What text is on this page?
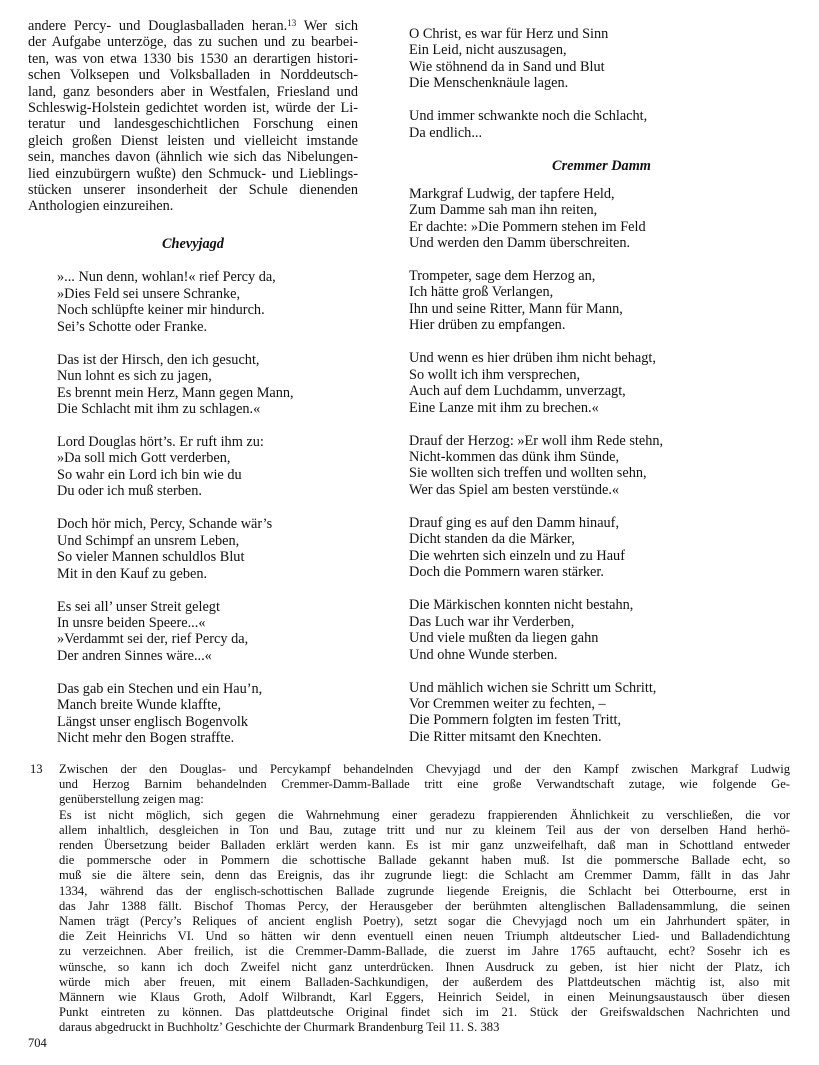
andere Percy- und Douglasballaden heran.$^{13}$ Wer sich
der Aufgabe unterzöge, das zu suchen und zu bearbei-
ten, was von etwa 1330 bis 1530 an derartigen histori-
schen Volksepen und Volksballaden in Norddeutsch-
land, ganz besonders aber in Westfalen, Friesland und
Schleswig-Holstein gedichtet worden ist, würde der Li-
teratur und landesgeschichtlichen Forschung einen
gleich großen Dienst leisten und vielleicht imstande
sein, manches davon (ähnlich wie sich das Nibelungen-
lied einzubürgern wußte) den Schmuck- und Lieblings-
stücken unserer insonderheit der Schule dienenden
Anthologien einzureihen.
Chevyjagd
»... Nun denn, wohlan!« rief Percy da,
»Dies Feld sei unsere Schranke,
Noch schlüpfte keiner mir hindurch.
Sei’s Schotte oder Franke.
Das ist der Hirsch, den ich gesucht,
Nun lohnt es sich zu jagen,
Es brennt mein Herz, Mann gegen Mann,
Die Schlacht mit ihm zu schlagen.«
Lord Douglas hört’s. Er ruft ihm zu:
»Da soll mich Gott verderben,
So wahr ein Lord ich bin wie du
Du oder ich muß sterben.
Doch hör mich, Percy, Schande wär’s
Und Schimpf an unsrem Leben,
So vieler Mannen schuldlos Blut
Mit in den Kauf zu geben.
Es sei all’ unser Streit gelegt
In unsre beiden Speere...«
»Verdammt sei der, rief Percy da,
Der andren Sinnes wäre...«
Das gab ein Stechen und ein Hau’n,
Manch breite Wunde klaffte,
Längst unser englisch Bogenvolk
Nicht mehr den Bogen straffte.
O Christ, es war für Herz und Sinn
Ein Leid, nicht auszusagen,
Wie stöhnend da in Sand und Blut
Die Menschenknäule lagen.
Und immer schwankte noch die Schlacht,
Da endlich...
Cremmer Damm
Markgraf Ludwig, der tapfere Held,
Zum Damme sah man ihn reiten,
Er dachte: »Die Pommern stehen im Feld
Und werden den Damm überschreiten.
Trompeter, sage dem Herzog an,
Ich hätte groß Verlangen,
Ihn und seine Ritter, Mann für Mann,
Hier drüben zu empfangen.
Und wenn es hier drüben ihm nicht behagt,
So wollt ich ihm versprechen,
Auch auf dem Luchdamm, unverzagt,
Eine Lanze mit ihm zu brechen.«
Drauf der Herzog: »Er woll ihm Rede stehn,
Nicht-kommen das dünk ihm Sünde,
Sie wollten sich treffen und wollten sehn,
Wer das Spiel am besten verstünde.«
Drauf ging es auf den Damm hinauf,
Dicht standen da die Märker,
Die wehrten sich einzeln und zu Hauf
Doch die Pommern waren stärker.
Die Märkischen konnten nicht bestahn,
Das Luch war ihr Verderben,
Und viele mußten da liegen gahn
Und ohne Wunde sterben.
Und mählich wichen sie Schritt um Schritt,
Vor Cremmen weiter zu fechten, –
Die Pommern folgten im festen Tritt,
Die Ritter mitsamt den Knechten.
13 Zwischen der den Douglas- und Percykampf behandelnden Chevyjagd und der den Kampf zwischen Markgraf Ludwig
und Herzog Barnim behandelnden Cremmer-Damm-Ballade tritt eine große Verwandtschaft zutage, wie folgende Ge-
genüberstellung zeigen mag:
Es ist nicht möglich, sich gegen die Wahrnehmung einer geradezu frappierenden Ähnlichkeit zu verschließen, die vor
allem inhaltlich, desgleichen in Ton und Bau, zutage tritt und nur zu kleinem Teil aus der von derselben Hand herhö-
renden Übersetzung beider Balladen erklärt werden kann. Es ist mir ganz unzweifelhaft, daß man in Schottland entweder
die pommersche oder in Pommern die schottische Ballade gekannt haben muß. Ist die pommersche Ballade echt, so
muß sie die ältere sein, denn das Ereignis, das ihr zugrunde liegt: die Schlacht am Cremmer Damm, fällt in das Jahr
1334, während das der englisch-schottischen Ballade zugrunde liegende Ereignis, die Schlacht bei Otterbourne, erst in
das Jahr 1388 fällt. Bischof Thomas Percy, der Herausgeber der berühmten altenglischen Balladensammlung, die seinen
Namen trägt (Percy’s Reliques of ancient english Poetry), setzt sogar die Chevyjagd noch um ein Jahrhundert später, in
die Zeit Heinrichs VI. Und so hätten wir denn eventuell einen neuen Triumph altdeutscher Lied- und Balladendichtung
zu verzeichnen. Aber freilich, ist die Cremmer-Damm-Ballade, die zuerst im Jahre 1765 auftaucht, echt? Sosehr ich es
wünsche, so kann ich doch Zweifel nicht ganz unterdrücken. Ihnen Ausdruck zu geben, ist hier nicht der Platz, ich
würde mich aber freuen, mit einem Balladen-Sachkundigen, der außerdem des Plattdeutschen mächtig ist, also mit
Männern wie Klaus Groth, Adolf Wilbrandt, Karl Eggers, Heinrich Seidel, in einen Meinungsaustausch über diesen
Punkt eintreten zu können. Das plattdeutsche Original findet sich im 21. Stück der Greifswaldschen Nachrichten und
daraus abgedruckt in Buchholtz’ Geschichte der Churmark Brandenburg Teil 11. S. 383
704
